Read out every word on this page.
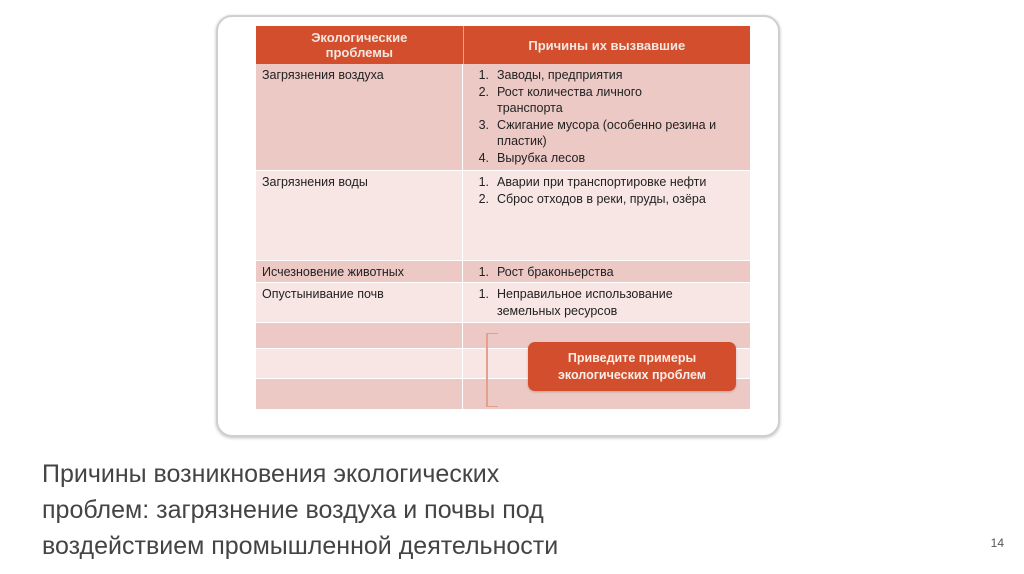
Экологические
проблемы	Причины их вызвавшие
Загрязнения воздуха	1. Заводы, предприятия
2. Рост количества личного транспорта
3. Сжигание мусора (особенно резина и пластик)
4. Вырубка лесов
Загрязнения воды	1. Аварии при транспортировке нефти
2. Сброс отходов в реки, пруды, озёра
Исчезновение животных	1. Рост браконьерства
Опустынивание почв	1. Неправильное использование земельных ресурсов
Приведите примеры
экологических проблем
Причины возникновения экологических
проблем: загрязнение воздуха и почвы под
воздействием промышленной деятельности	14
